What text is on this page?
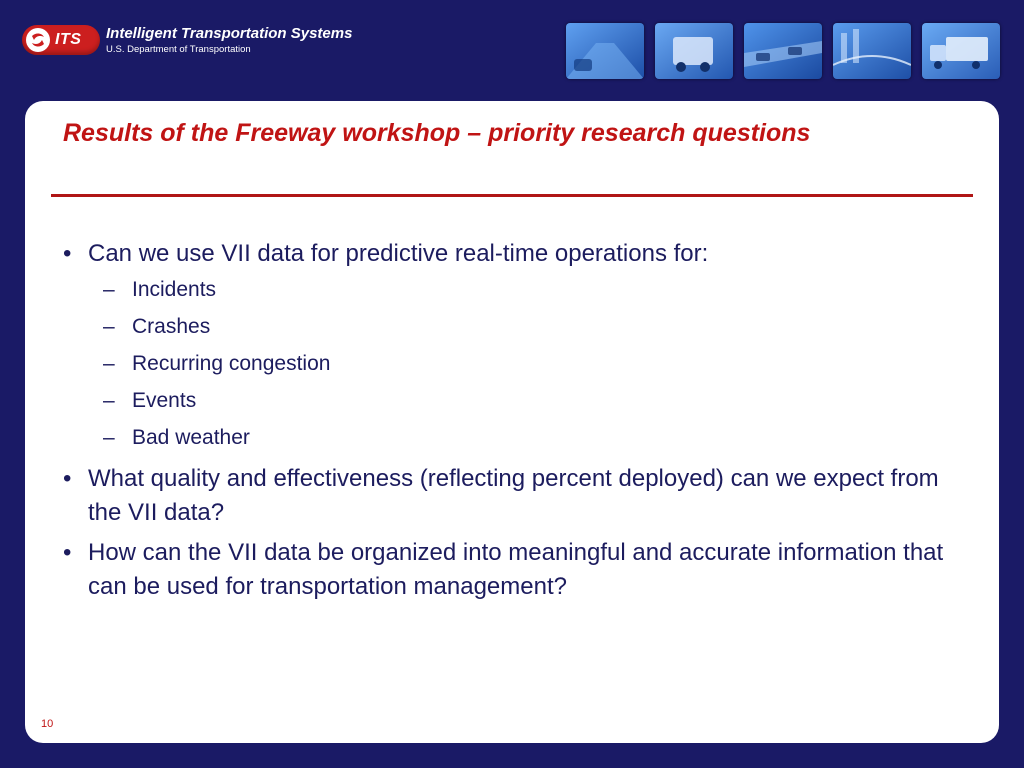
ITS Intelligent Transportation Systems
U.S. Department of Transportation
Results of the Freeway workshop – priority research questions
• Can we use VII data for predictive real-time operations for:
– Incidents
– Crashes
– Recurring congestion
– Events
– Bad weather
• What quality and effectiveness (reflecting percent deployed) can we expect from the VII data?
• How can the VII data be organized into meaningful and accurate information that can be used for transportation management?
10
